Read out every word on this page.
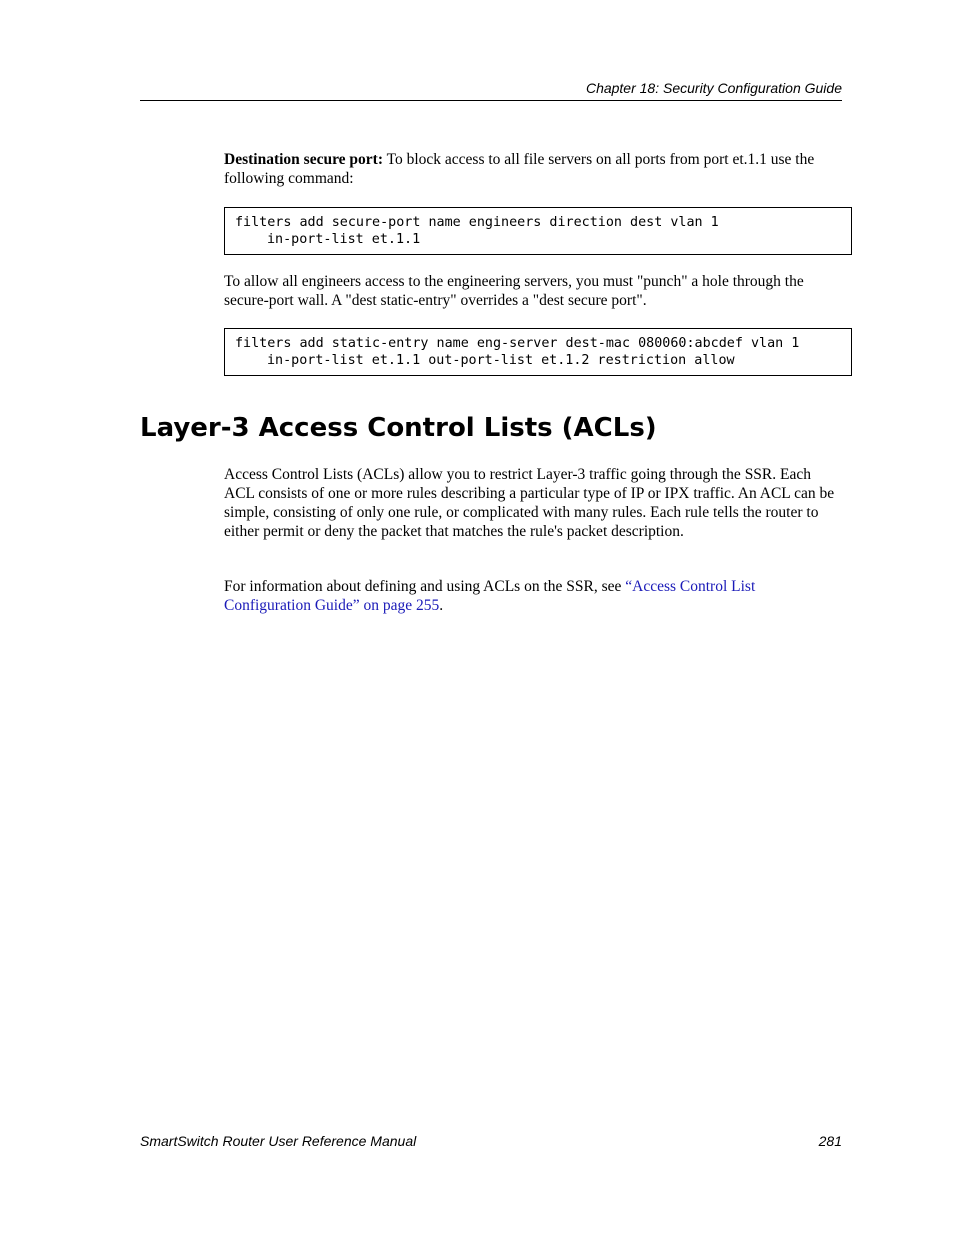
Chapter 18: Security Configuration Guide

Destination secure port: To block access to all file servers on all ports from port et.1.1 use the following command:

filters add secure-port name engineers direction dest vlan 1
in-port-list et.1.1

To allow all engineers access to the engineering servers, you must "punch" a hole through the secure-port wall. A "dest static-entry" overrides a "dest secure port".

filters add static-entry name eng-server dest-mac 080060:abcdef vlan 1
in-port-list et.1.1 out-port-list et.1.2 restriction allow
Layer-3 Access Control Lists (ACLs)

Access Control Lists (ACLs) allow you to restrict Layer-3 traffic going through the SSR. Each ACL consists of one or more rules describing a particular type of IP or IPX traffic. An ACL can be simple, consisting of only one rule, or complicated with many rules. Each rule tells the router to either permit or deny the packet that matches the rule's packet description.

For information about defining and using ACLs on the SSR, see “Access Control List Configuration Guide” on page 255.

SmartSwitch Router User Reference Manual	281
